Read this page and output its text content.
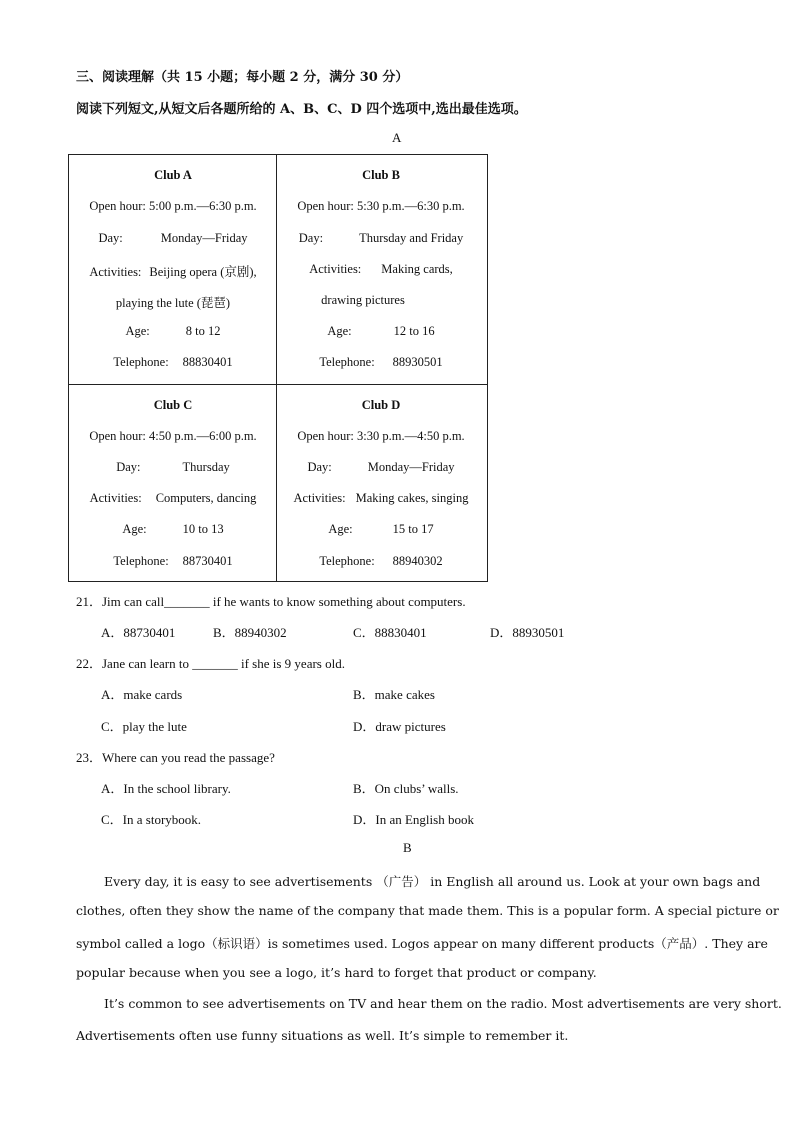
三、阅读理解（共 15 小题；每小题 2 分，满分 30 分）
阅读下列短文,从短文后各题所给的 A、B、C、D 四个选项中,选出最佳选项。
A
Club A
Open hour: 5:00 p.m.—6:30 p.m.
Day:	Monday—Friday
Activities: Beijing opera (京剧),
playing the lute (琵琶)
Age:	8 to 12
Telephone: 88830401
Club B
Open hour: 5:30 p.m.—6:30 p.m.
Day:	Thursday and Friday
Activities: Making cards,
drawing pictures
Age:	12 to 16
Telephone: 88930501
Club C
Open hour: 4:50 p.m.—6:00 p.m.
Day:	Thursday
Activities: Computers, dancing
Age:	10 to 13
Telephone: 88730401
Club D
Open hour: 3:30 p.m.—4:50 p.m.
Day:	Monday—Friday
Activities: Making cakes, singing
Age:	15 to 17
Telephone: 88940302
21．Jim can call_______ if he wants to know something about computers.
A．88730401	B．88940302	C．88830401	D．88930501
22．Jane can learn to _______ if she is 9 years old.
A．make cards	B．make cakes
C．play the lute	D．draw pictures
23．Where can you read the passage?
A．In the school library.	B．On clubs’ walls.
C．In a storybook.	D．In an English book
B
Every day, it is easy to see advertisements （广告） in English all around us. Look at your own bags and
clothes, often they show the name of the company that made them. This is a popular form. A special picture or
symbol called a logo（标识语）is sometimes used. Logos appear on many different products（产品）. They are
popular because when you see a logo, it’s hard to forget that product or company.
It’s common to see advertisements on TV and hear them on the radio. Most advertisements are very short.
Advertisements often use funny situations as well. It’s simple to remember it.
